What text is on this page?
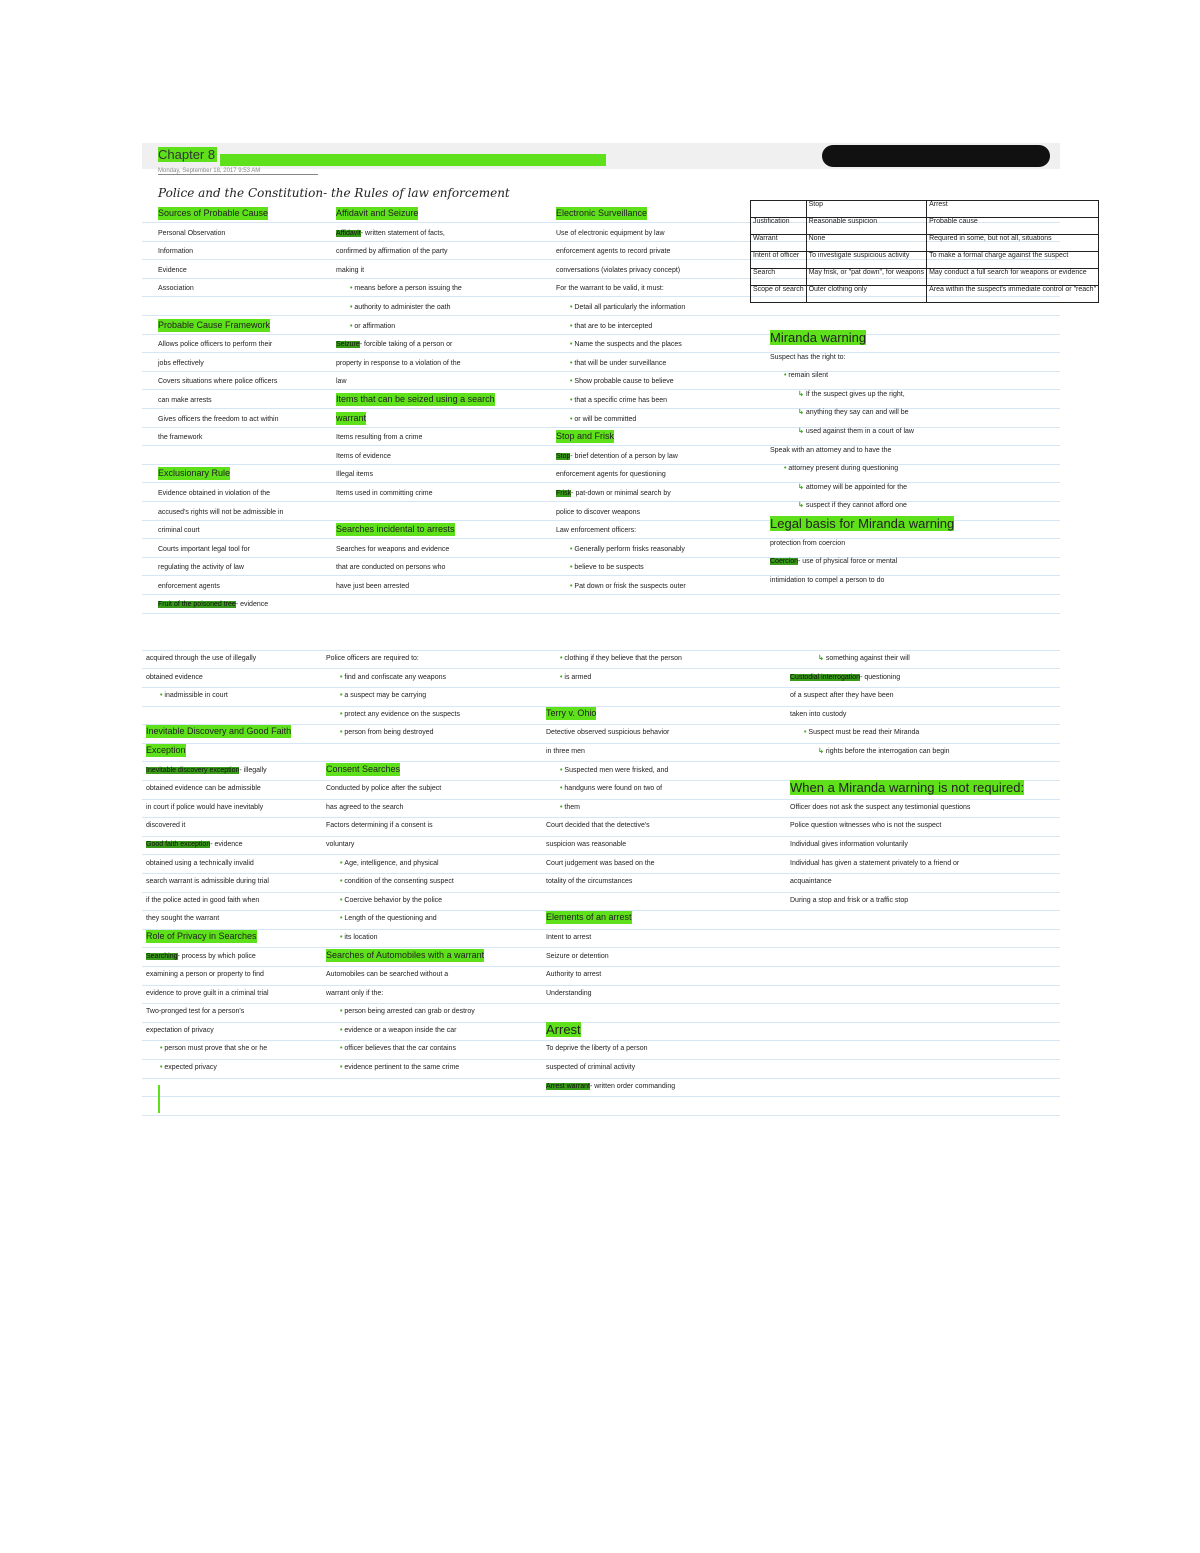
Chapter 8
Monday, September 18, 2017 9:53 AM
Police and the Constitution- the Rules of law enforcement
Sources of Probable Cause
Personal Observation
Information
Evidence
Association
Probable Cause Framework
Allows police officers to perform their
jobs effectively
Covers situations where police officers
can make arrests
Gives officers the freedom to act within
the framework
Exclusionary Rule
Evidence obtained in violation of the
accused's rights will not be admissible in
criminal court
Courts important legal tool for
regulating the activity of law
enforcement agents
Fruit of the poisoned tree- evidence
Affidavit and Seizure
Affidavit- written statement of facts,
confirmed by affirmation of the party
making it
• means before a person issuing the
• authority to administer the oath
• or affirmation
Seizure- forcible taking of a person or
property in response to a violation of the
law
Items that can be seized using a search
warrant
Items resulting from a crime
Items of evidence
Illegal items
Items used in committing crime
Searches incidental to arrests
Searches for weapons and evidence
that are conducted on persons who
have just been arrested
Electronic Surveillance
Use of electronic equipment by law
enforcement agents to record private
conversations (violates privacy concept)
For the warrant to be valid, it must:
• Detail all particularly the information
• that are to be intercepted
• Name the suspects and the places
• that will be under surveillance
• Show probable cause to believe
• that a specific crime has been
• or will be committed
Stop and Frisk
Stop- brief detention of a person by law
enforcement agents for questioning
Frisk- pat-down or minimal search by
police to discover weapons
Law enforcement officers:
• Generally perform frisks reasonably
• believe to be suspects
• Pat down or frisk the suspects outer
Miranda warning
Suspect has the right to:
• remain silent
↳ If the suspect gives up the right,
↳ anything they say can and will be
↳ used against them in a court of law
Speak with an attorney and to have the
• attorney present during questioning
↳ attorney will be appointed for the
↳ suspect if they cannot afford one
Legal basis for Miranda warning
protection from coercion
Coercion- use of physical force or mental
intimidation to compel a person to do
	Stop	Arrest
Justification	Reasonable suspicion	Probable cause
Warrant	None	Required in some, but not all, situations
Intent of officer	To investigate suspicious activity	To make a formal charge against the suspect
Search	May frisk, or "pat down", for weapons	May conduct a full search for weapons or evidence
Scope of search	Outer clothing only	Area within the suspect's immediate control or "reach"
acquired through the use of illegally
obtained evidence
• inadmissible in court
Inevitable Discovery and Good Faith
Exception
Inevitable discovery exception- illegally
obtained evidence can be admissible
in court if police would have inevitably
discovered it
Good faith exception- evidence
obtained using a technically invalid
search warrant is admissible during trial
if the police acted in good faith when
they sought the warrant
Role of Privacy in Searches
Searching- process by which police
examining a person or property to find
evidence to prove guilt in a criminal trial
Two-pronged test for a person's
expectation of privacy
• person must prove that she or he
• expected privacy
Police officers are required to:
• find and confiscate any weapons
• a suspect may be carrying
• protect any evidence on the suspects
• person from being destroyed
Consent Searches
Conducted by police after the subject
has agreed to the search
Factors determining if a consent is
voluntary
• Age, intelligence, and physical
• condition of the consenting suspect
• Coercive behavior by the police
• Length of the questioning and
• its location
Searches of Automobiles with a warrant
Automobiles can be searched without a
warrant only if the:
• person being arrested can grab or destroy
• evidence or a weapon inside the car
• officer believes that the car contains
• evidence pertinent to the same crime
• clothing if they believe that the person
• is armed
Terry v. Ohio
Detective observed suspicious behavior
in three men
• Suspected men were frisked, and
• handguns were found on two of
• them
Court decided that the detective's
suspicion was reasonable
Court judgement was based on the
totality of the circumstances
Elements of an arrest
Intent to arrest
Seizure or detention
Authority to arrest
Understanding
Arrest
To deprive the liberty of a person
suspected of criminal activity
Arrest warrant- written order commanding
↳ something against their will
Custodial interrogation- questioning
of a suspect after they have been
taken into custody
• Suspect must be read their Miranda
↳ rights before the interrogation can begin
When a Miranda warning is not required:
Officer does not ask the suspect any testimonial questions
Police question witnesses who is not the suspect
Individual gives information voluntarily
Individual has given a statement privately to a friend or
acquaintance
During a stop and frisk or a traffic stop
